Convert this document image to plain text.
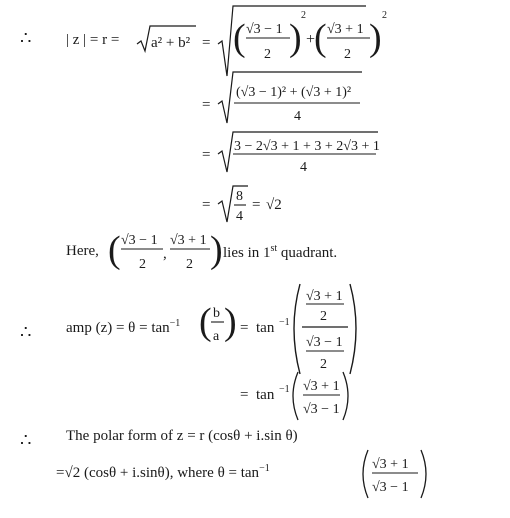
∴
∴
∴
| z | = r = a² + b² = ( √3 − 1
2 )
2
+
( √3 + 1
2 )
2
=
(√3 − 1)² + (√3 + 1)²
4
=
3 − 2√3 + 1 + 3 + 2√3 + 1
4
=
8
4
= √2
Here, ( √3 − 1
2
,
√3 + 1
2 ) lies in 1st quadrant.
amp $(z) = \theta = \tan^{-1}$ ( b
a ) = tan −1
√3 + 1
2
√3 − 1
2
= tan −1 √3 + 1
√3 − 1
The polar form of z = r (cosθ + i.sin θ)
=√2 (cosθ + i.sinθ), where $\theta = \tan^{-1}$	√3 + 1
√3 − 1
